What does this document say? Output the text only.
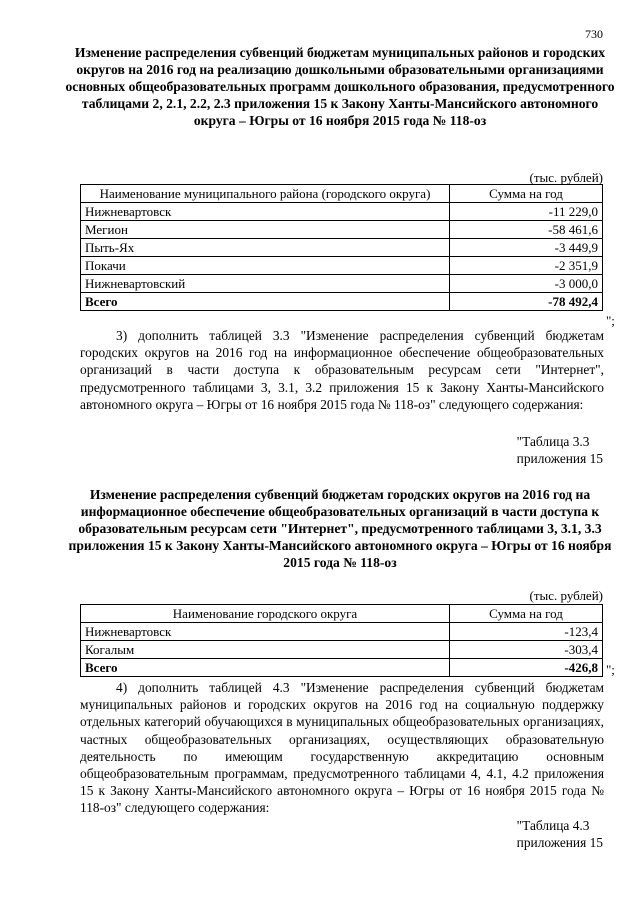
730
Изменение распределения субвенций бюджетам муниципальных районов и городских округов на 2016 год на реализацию дошкольными образовательными организациями основных общеобразовательных программ дошкольного образования, предусмотренного таблицами 2, 2.1, 2.2, 2.3 приложения 15 к Закону Ханты-Мансийского автономного округа – Югры от 16 ноября 2015 года № 118-оз
(тыс. рублей)
Наименование муниципального района (городского округа)	Сумма на год
Нижневартовск	-11 229,0
Мегион	-58 461,6
Пыть-Ях	-3 449,9
Покачи	-2 351,9
Нижневартовский	-3 000,0
Всего	-78 492,4
";
3) дополнить таблицей 3.3 "Изменение распределения субвенций бюджетам городских округов на 2016 год на информационное обеспечение общеобразовательных организаций в части доступа к образовательным ресурсам сети "Интернет", предусмотренного таблицами 3, 3.1, 3.2 приложения 15 к Закону Ханты-Мансийского автономного округа – Югры от 16 ноября 2015 года № 118-оз" следующего содержания:
"Таблица 3.3
приложения 15
Изменение распределения субвенций бюджетам городских округов на 2016 год на информационное обеспечение общеобразовательных организаций в части доступа к образовательным ресурсам сети "Интернет", предусмотренного таблицами 3, 3.1, 3.3 приложения 15 к Закону Ханты-Мансийского автономного округа – Югры от 16 ноября 2015 года № 118-оз
(тыс. рублей)
Наименование городского округа	Сумма на год
Нижневартовск	-123,4
Когалым	-303,4
Всего	-426,8 ";
4) дополнить таблицей 4.3 "Изменение распределения субвенций бюджетам муниципальных районов и городских округов на 2016 год на социальную поддержку отдельных категорий обучающихся в муниципальных общеобразовательных организациях, частных общеобразовательных организациях, осуществляющих образовательную деятельность по имеющим государственную аккредитацию основным общеобразовательным программам, предусмотренного таблицами 4, 4.1, 4.2 приложения 15 к Закону Ханты-Мансийского автономного округа – Югры от 16 ноября 2015 года № 118-оз" следующего содержания:
"Таблица 4.3
приложения 15
